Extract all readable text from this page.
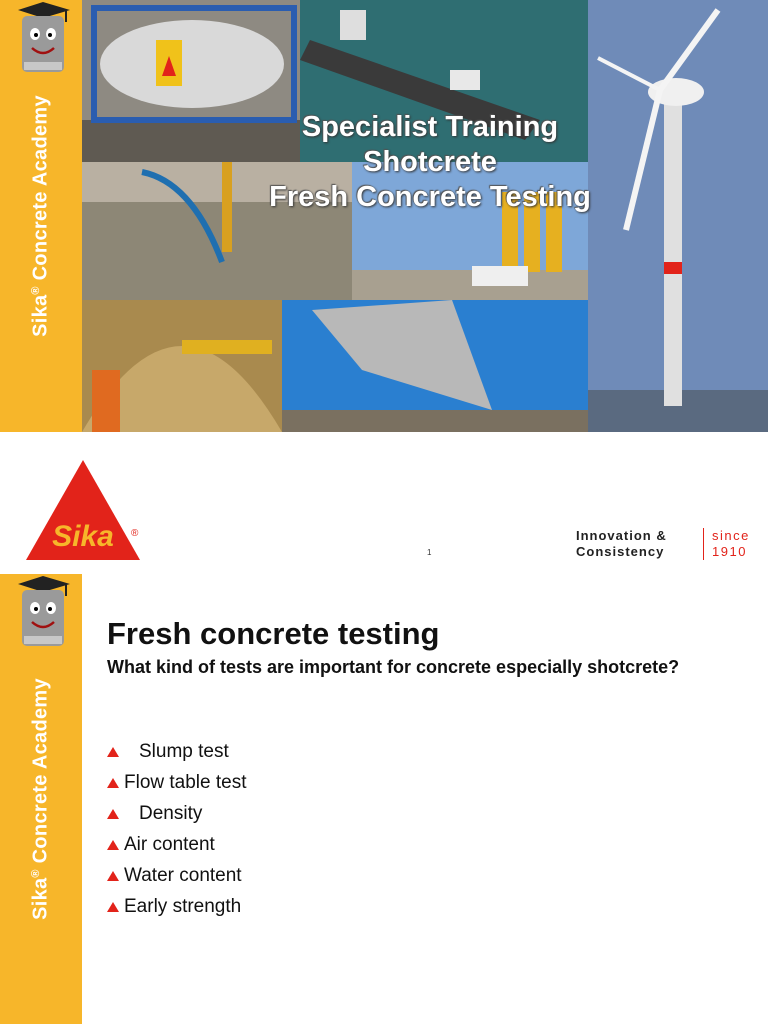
Sika® Concrete Academy	Specialist Training
Shotcrete
Fresh Concrete Testing
Sika ®
1
Innovation &
Consistency
since
1910
Sika® Concrete Academy
Fresh concrete testing
What kind of tests are important for concrete especially shotcrete?
Slump test
Flow table test
Density
Air content
Water content
Early strength
